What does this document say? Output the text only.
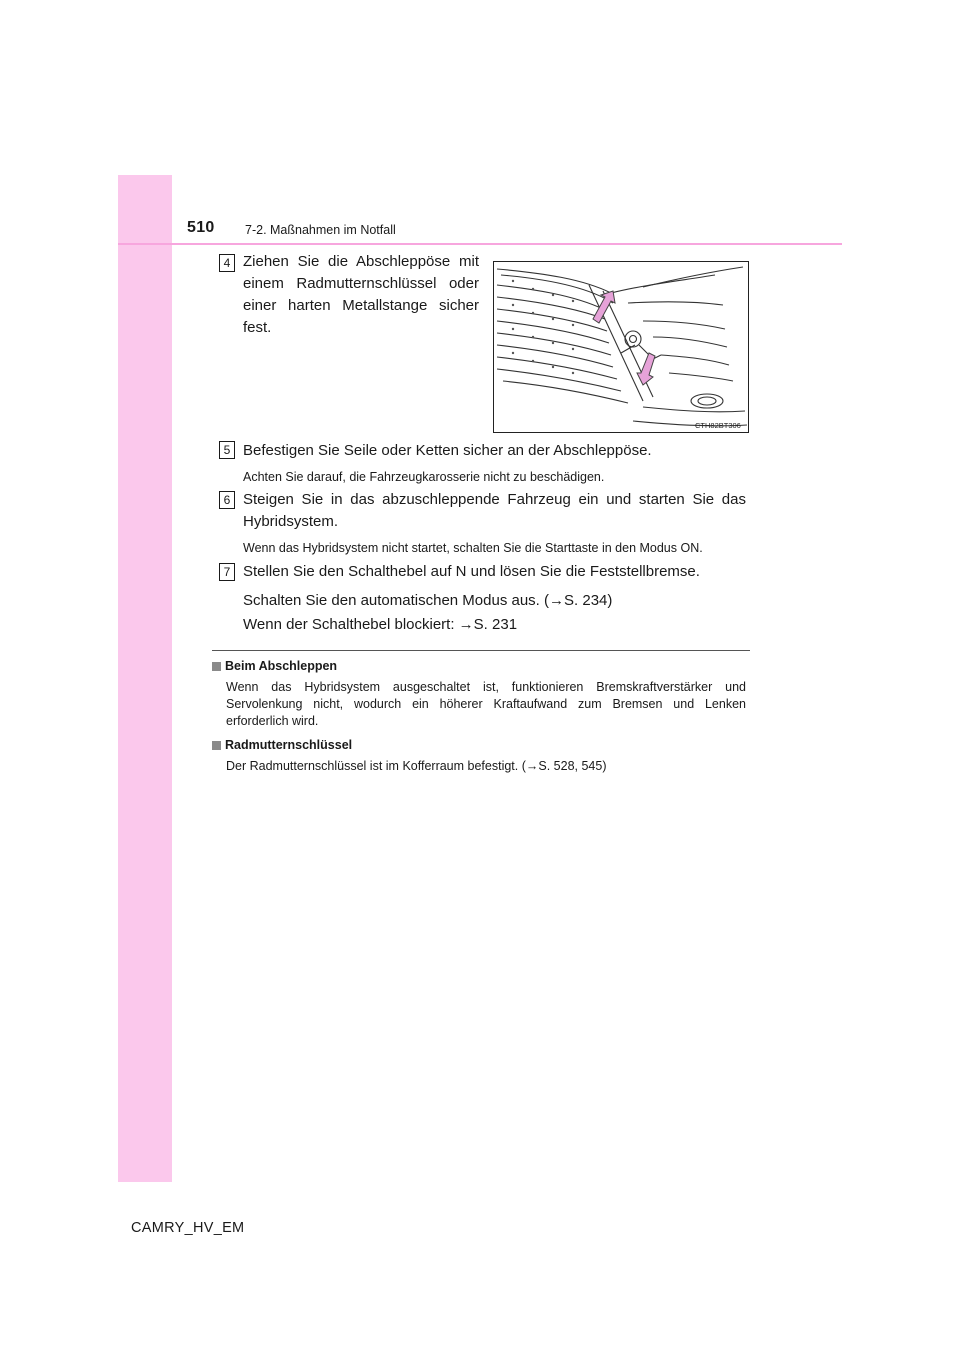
510 7-2. Maßnahmen im Notfall
4 Ziehen Sie die Abschleppöse mit
einem Radmutternschlüssel oder
einer harten Metallstange sicher
fest.
CTH82BT306
5 Befestigen Sie Seile oder Ketten sicher an der Abschleppöse.
Achten Sie darauf, die Fahrzeugkarosserie nicht zu beschädigen.
6 Steigen Sie in das abzuschleppende Fahrzeug ein und starten Sie das
Hybridsystem.
Wenn das Hybridsystem nicht startet, schalten Sie die Starttaste in den Modus ON.
7 Stellen Sie den Schalthebel auf N und lösen Sie die Feststellbremse.
Schalten Sie den automatischen Modus aus. (→S. 234)
Wenn der Schalthebel blockiert: →S. 231
Beim Abschleppen
Wenn das Hybridsystem ausgeschaltet ist, funktionieren Bremskraftverstärker und
Servolenkung nicht, wodurch ein höherer Kraftaufwand zum Bremsen und Lenken
erforderlich wird.
Radmutternschlüssel
Der Radmutternschlüssel ist im Kofferraum befestigt. (→S. 528, 545)
CAMRY_HV_EM
